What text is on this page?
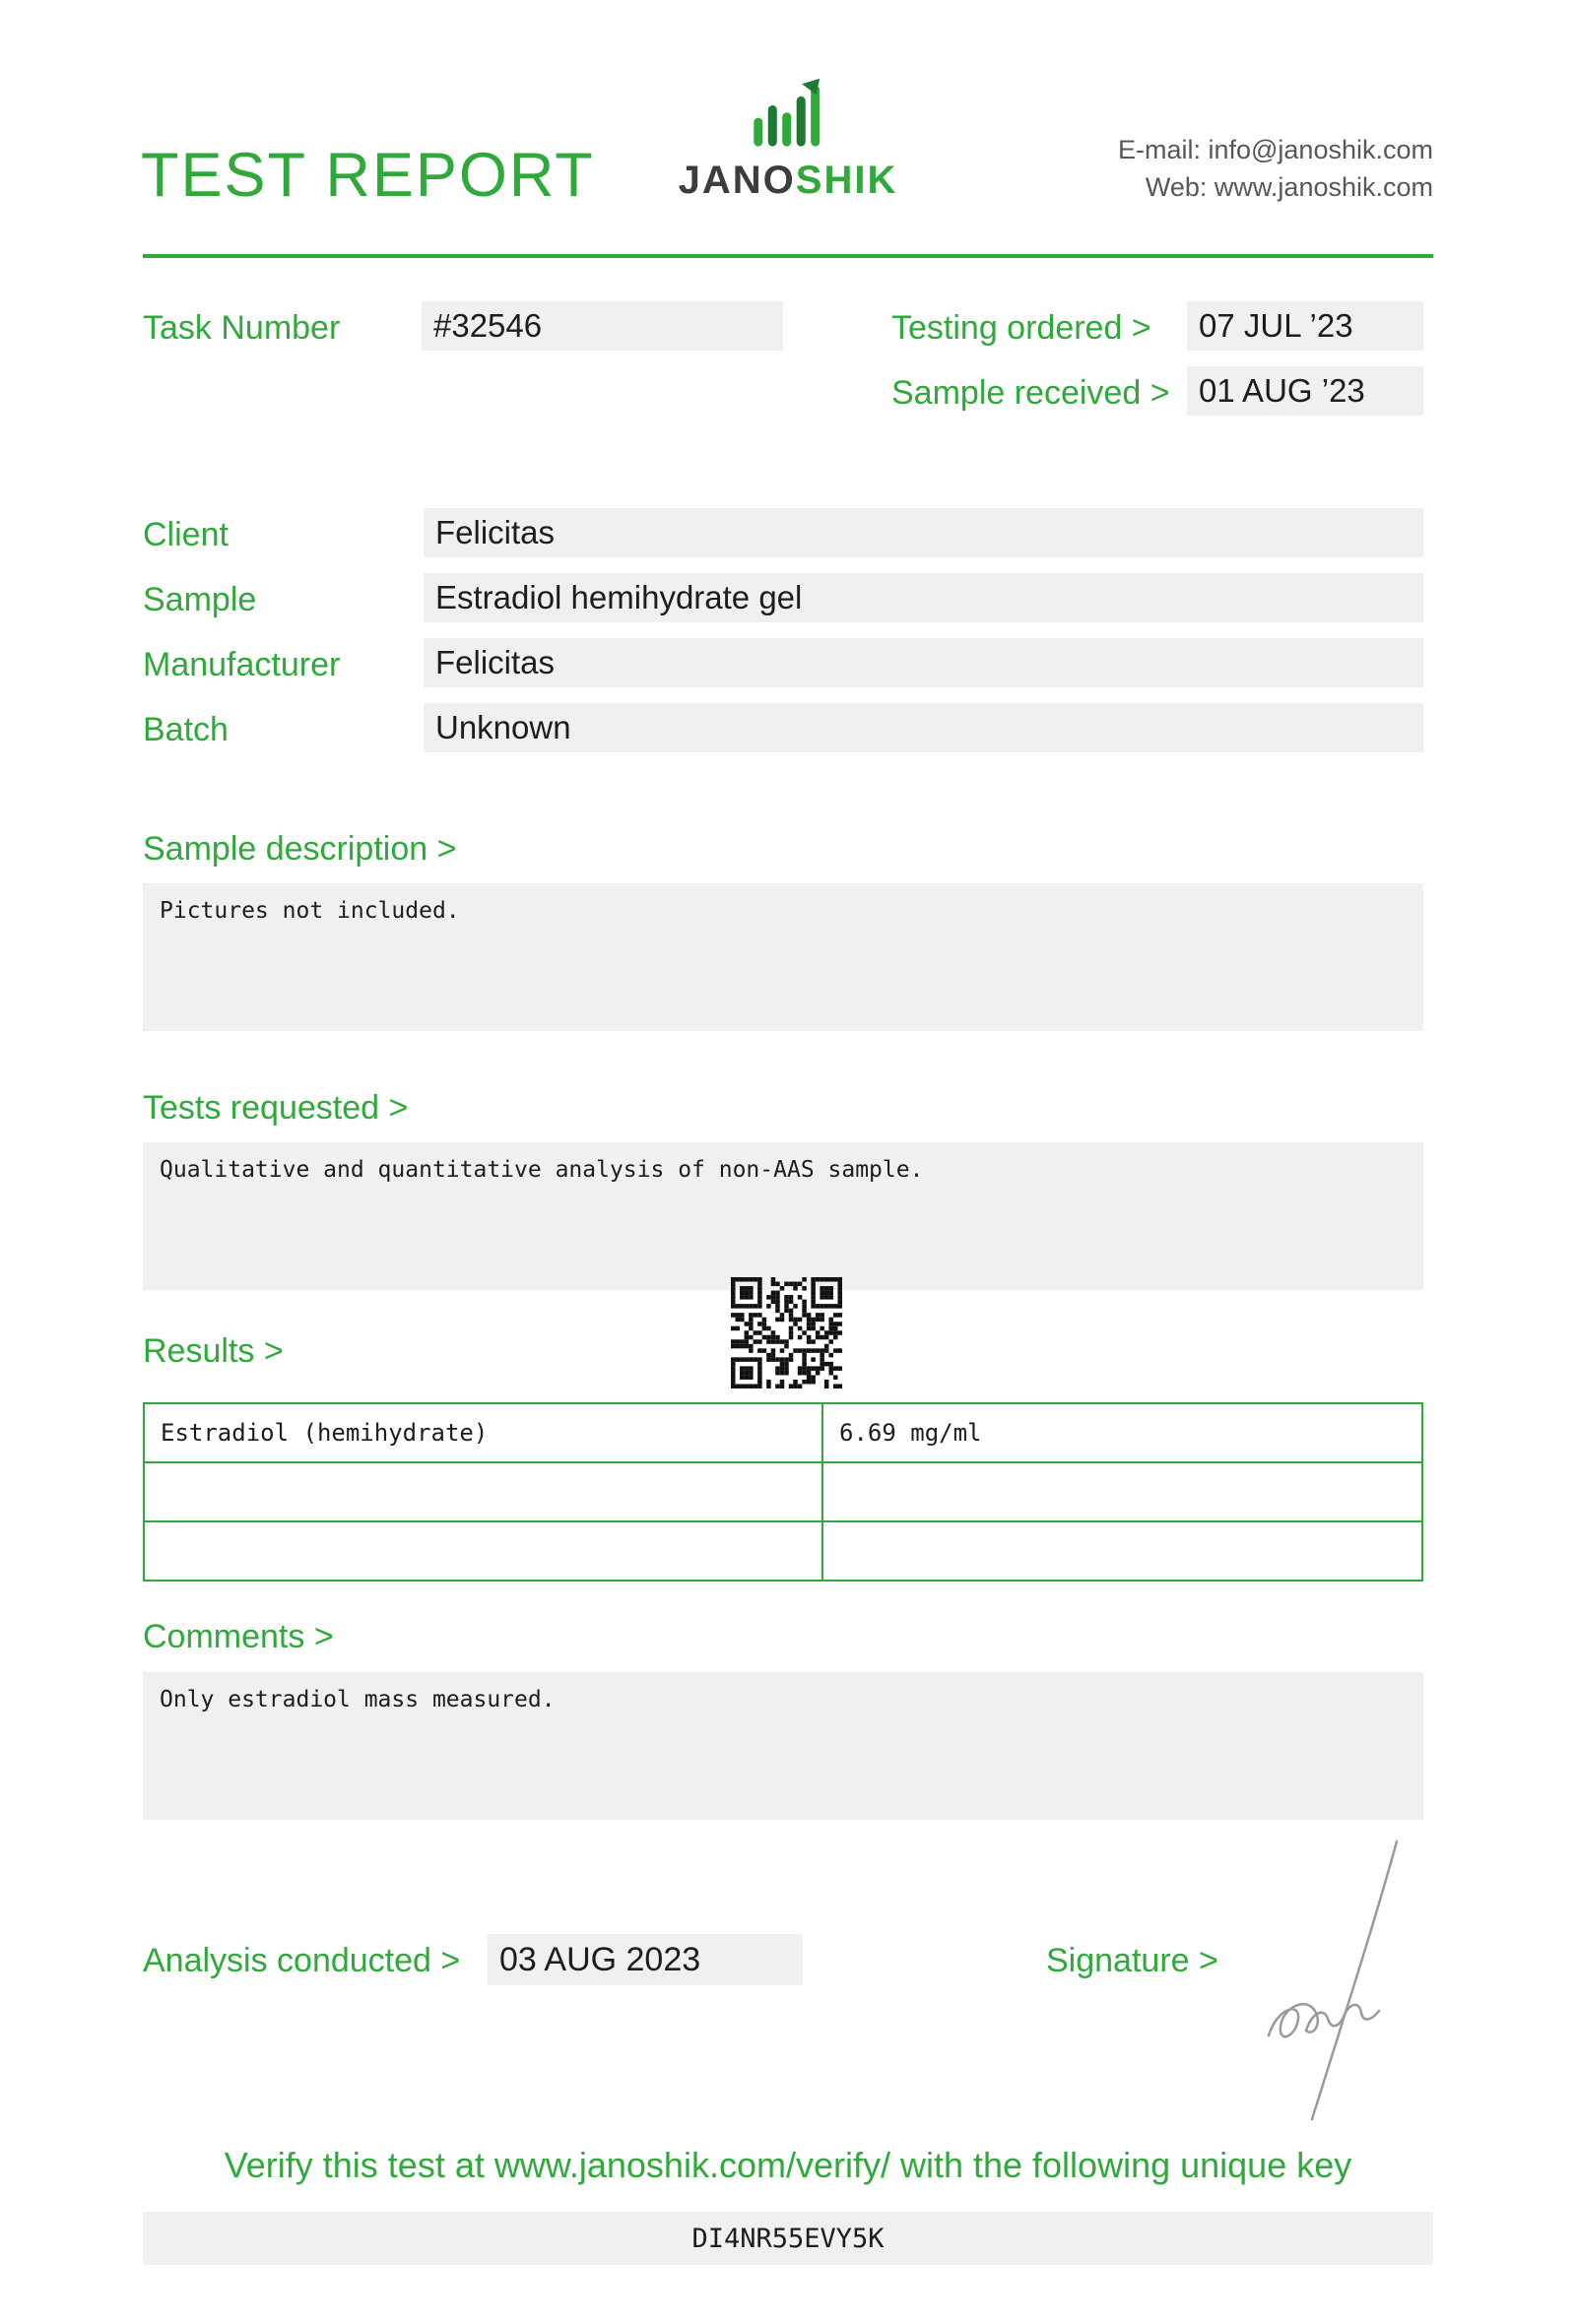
TEST REPORT JANOSHIK
E-mail: info@janoshik.com
Web: www.janoshik.com
Task Number	#32546	Testing ordered >	07 JUL ’23
Sample received > 01 AUG ’23
Client	Felicitas
Sample	Estradiol hemihydrate gel
Manufacturer	Felicitas
Batch	Unknown
Sample description >
Pictures not included.
Tests requested >
Qualitative and quantitative analysis of non-AAS sample.
Results >
Estradiol (hemihydrate)	6.69 mg/ml

Comments >
Only estradiol mass measured.
Analysis conducted >	03 AUG 2023	Signature >
Verify this test at www.janoshik.com/verify/ with the following unique key
DI4NR55EVY5K
